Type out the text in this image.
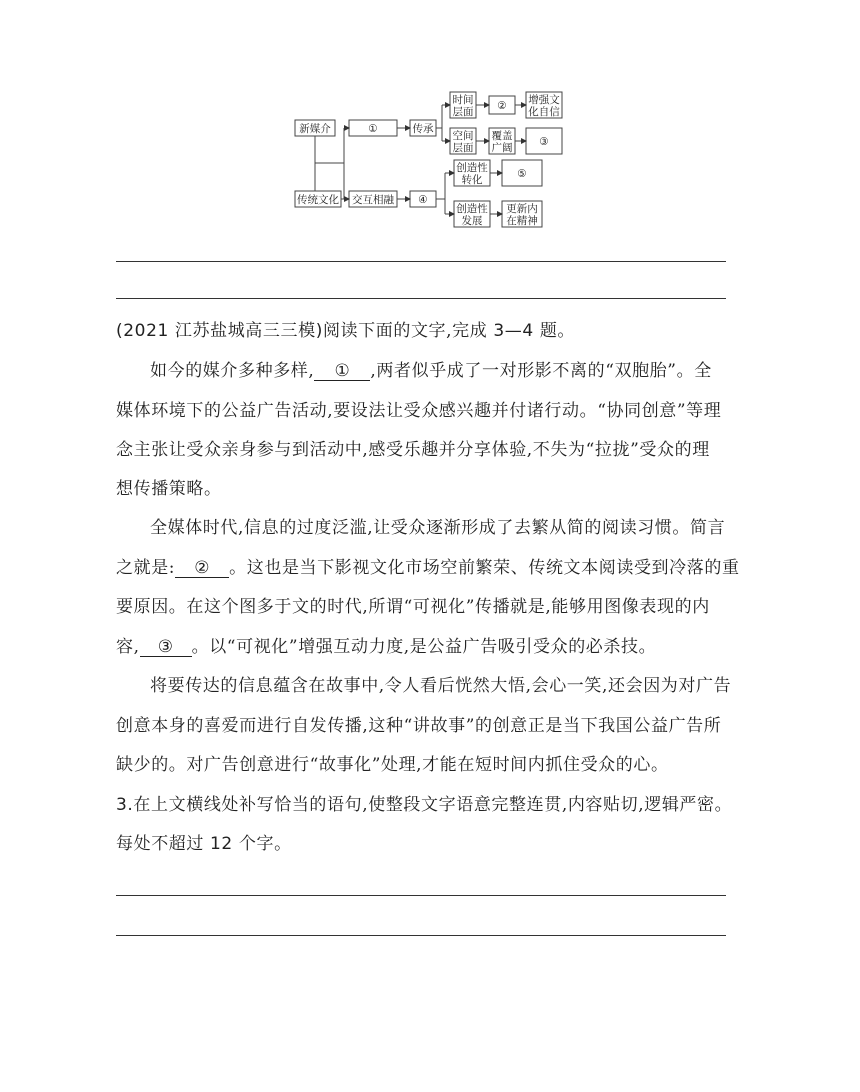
新媒介
传统文化
①	传承
交互相融 ④
时间
层面 ② 增强文
化自信
空间
层面
覆盖
广阔	③
创造性
转化	⑤
创造性
发展
更新内
在精神
(2021 江苏盐城高三三模)阅读下面的文字,完成 3—4 题。
如今的媒介多种多样, ① ,两者似乎成了一对形影不离的“双胞胎”。全
媒体环境下的公益广告活动,要设法让受众感兴趣并付诸行动。“协同创意”等理
念主张让受众亲身参与到活动中,感受乐趣并分享体验,不失为“拉拢”受众的理
想传播策略。
全媒体时代,信息的过度泛滥,让受众逐渐形成了去繁从简的阅读习惯。简言
之就是: ② 。这也是当下影视文化市场空前繁荣、传统文本阅读受到冷落的重
要原因。在这个图多于文的时代,所谓“可视化”传播就是,能够用图像表现的内
容, ③ 。以“可视化”增强互动力度,是公益广告吸引受众的必杀技。
将要传达的信息蕴含在故事中,令人看后恍然大悟,会心一笑,还会因为对广告
创意本身的喜爱而进行自发传播,这种“讲故事”的创意正是当下我国公益广告所
缺少的。对广告创意进行“故事化”处理,才能在短时间内抓住受众的心。
3.在上文横线处补写恰当的语句,使整段文字语意完整连贯,内容贴切,逻辑严密。
每处不超过 12 个字。
